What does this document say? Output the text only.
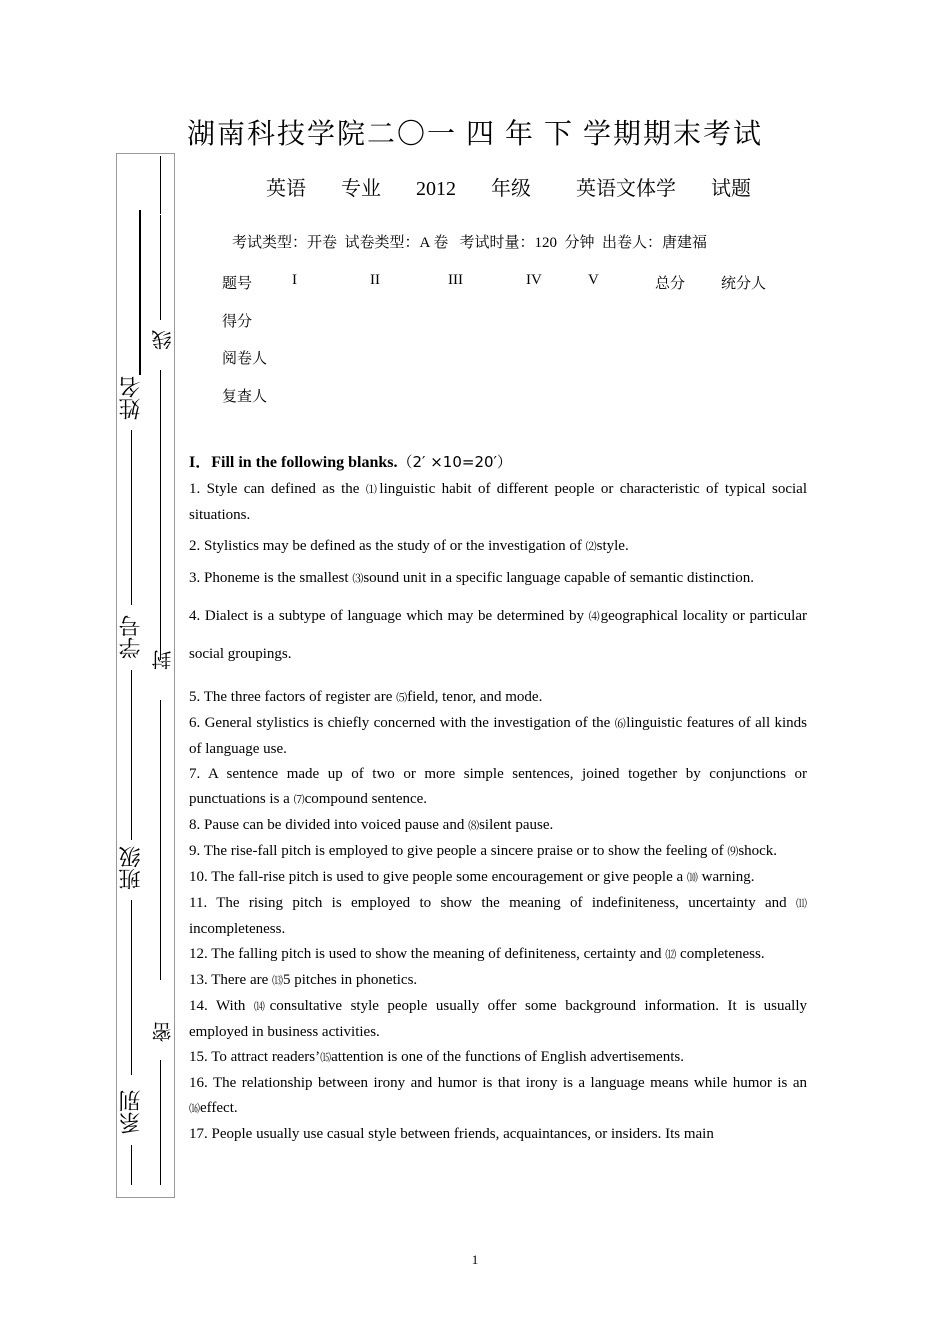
湖南科技学院二〇一 四 年 下 学期期末考试
英语 专业 2012 年级 英语文体学 试题
考试类型：开卷  试卷类型：A 卷   考试时量：120  分钟  出卷人：唐建福
题号	I	II	III	IV	V	总分	统分人
得分							
阅卷人							
复查人							
线
姓名
学号
封
班级
密
系别
I．Fill in the following blanks.（2′ ×10=20′）
1. Style can defined as the ⑴linguistic habit of different people or characteristic of typical social situations.
2. Stylistics may be defined as the study of or the investigation of ⑵style.
3. Phoneme is the smallest ⑶sound unit in a specific language capable of semantic distinction.
4. Dialect is a subtype of language which may be determined by ⑷geographical locality or particular social groupings.
5. The three factors of register are ⑸field, tenor, and mode.
6. General stylistics is chiefly concerned with the investigation of the ⑹linguistic features of all kinds of language use.
7. A sentence made up of two or more simple sentences, joined together by conjunctions or punctuations is a ⑺compound sentence.
8. Pause can be divided into voiced pause and ⑻silent pause.
9. The rise-fall pitch is employed to give people a sincere praise or to show the feeling of ⑼shock.
10. The fall-rise pitch is used to give people some encouragement or give people a ⑽ warning.
11. The rising pitch is employed to show the meaning of indefiniteness, uncertainty and ⑾ incompleteness.
12. The falling pitch is used to show the meaning of definiteness, certainty and ⑿ completeness.
13. There are ⒀5 pitches in phonetics.
14. With ⒁consultative style people usually offer some background information. It is usually employed in business activities.
15. To attract readers’⒂attention is one of the functions of English advertisements.
16. The relationship between irony and humor is that irony is a language means while humor is an ⒃effect.
17. People usually use casual style between friends, acquaintances, or insiders. Its main
1
